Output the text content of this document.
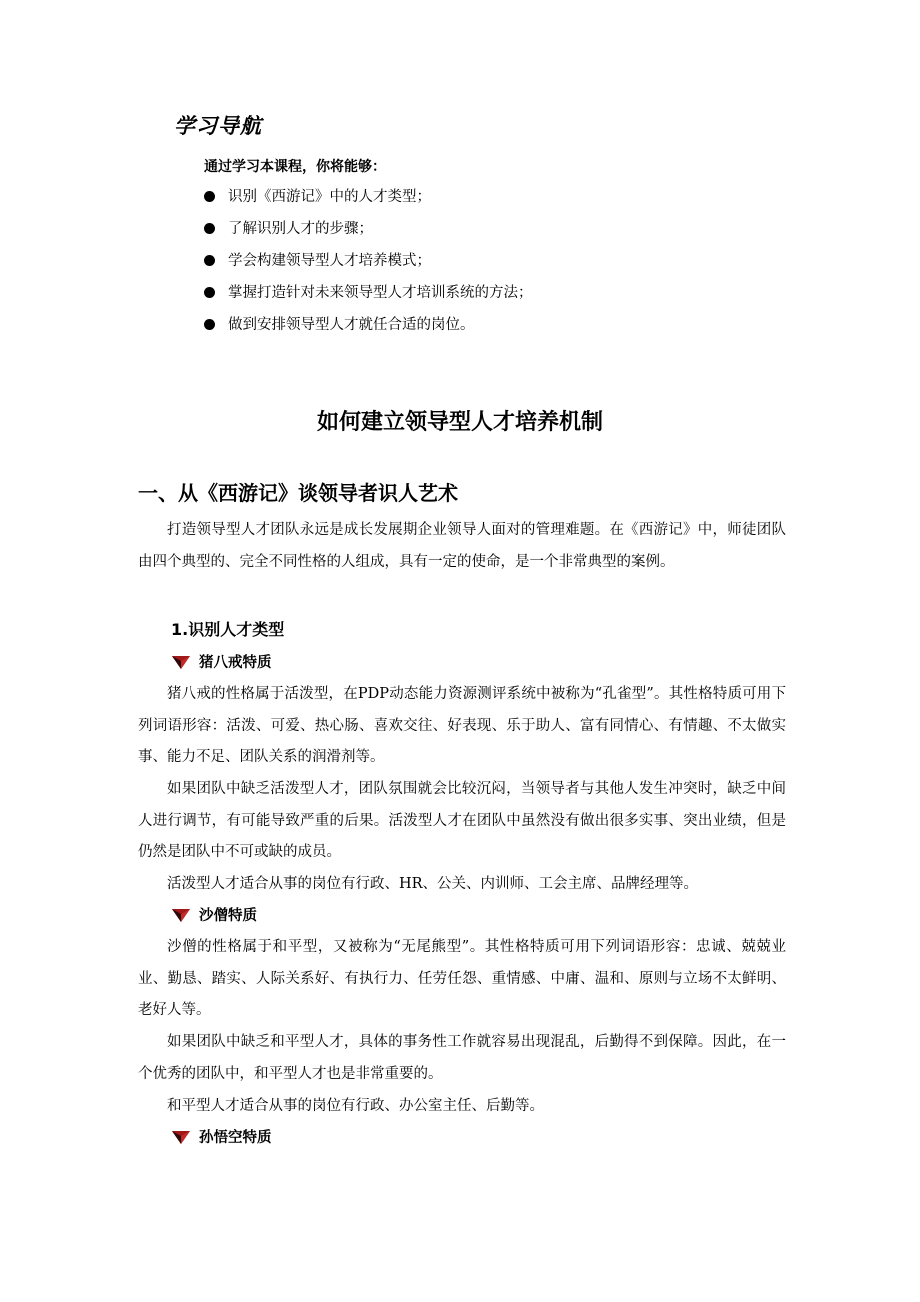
学习导航
通过学习本课程，你将能够：
识别《西游记》中的人才类型；
了解识别人才的步骤；
学会构建领导型人才培养模式；
掌握打造针对未来领导型人才培训系统的方法；
做到安排领导型人才就任合适的岗位。
如何建立领导型人才培养机制
一、从《西游记》谈领导者识人艺术

打造领导型人才团队永远是成长发展期企业领导人面对的管理难题。在《西游记》中，师徒团队由四个典型的、完全不同性格的人组成，具有一定的使命，是一个非常典型的案例。

1.识别人才类型
猪八戒特质

猪八戒的性格属于活泼型，在PDP动态能力资源测评系统中被称为“孔雀型”。其性格特质可用下列词语形容：活泼、可爱、热心肠、喜欢交往、好表现、乐于助人、富有同情心、有情趣、不太做实事、能力不足、团队关系的润滑剂等。

如果团队中缺乏活泼型人才，团队氛围就会比较沉闷，当领导者与其他人发生冲突时，缺乏中间人进行调节，有可能导致严重的后果。活泼型人才在团队中虽然没有做出很多实事、突出业绩，但是仍然是团队中不可或缺的成员。

活泼型人才适合从事的岗位有行政、HR、公关、内训师、工会主席、品牌经理等。

沙僧特质

沙僧的性格属于和平型，又被称为“无尾熊型”。其性格特质可用下列词语形容：忠诚、兢兢业业、勤恳、踏实、人际关系好、有执行力、任劳任怨、重情感、中庸、温和、原则与立场不太鲜明、老好人等。

如果团队中缺乏和平型人才，具体的事务性工作就容易出现混乱，后勤得不到保障。因此，在一个优秀的团队中，和平型人才也是非常重要的。

和平型人才适合从事的岗位有行政、办公室主任、后勤等。

孙悟空特质
